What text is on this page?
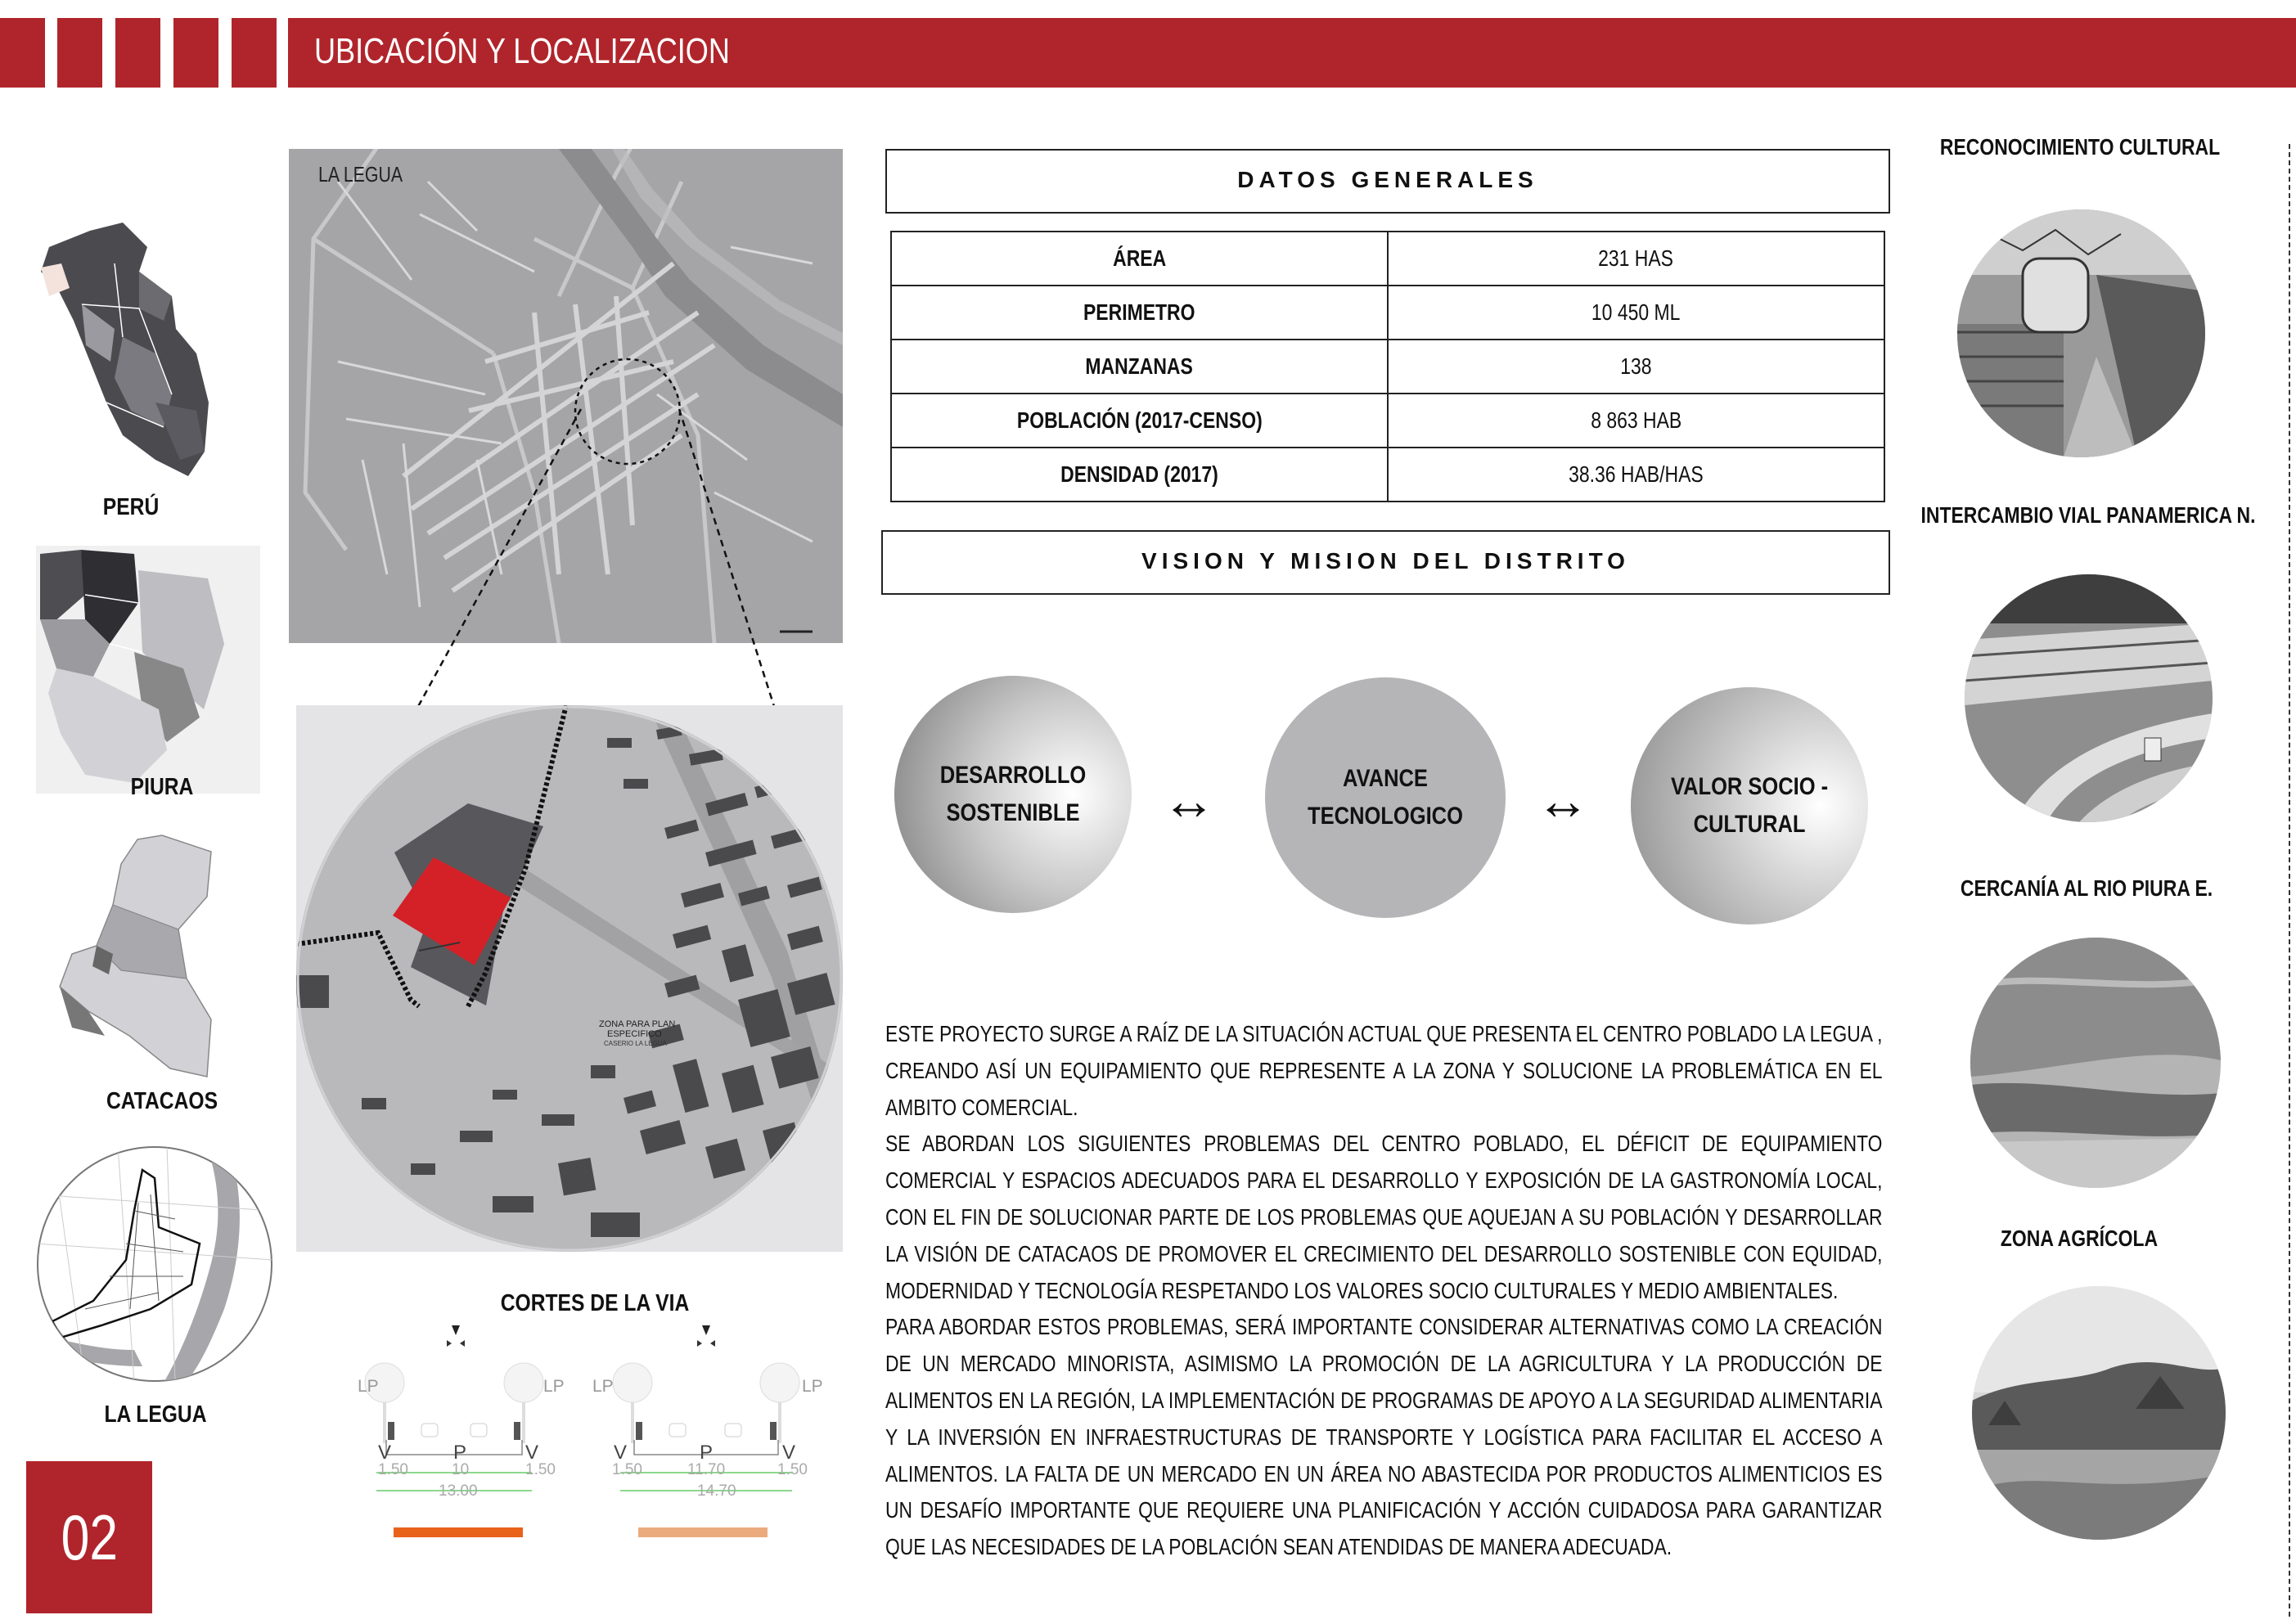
UBICACIÓN Y LOCALIZACION
PERÚ
PIURA
CATACAOS
LA LEGUA
LA LEGUA
ZONA PARA PLAN
ESPECIFICO
CASERIO LA LEGUA
CORTES DE LA VIA
LP	LP
V	P	V
1.50	10	1.50
13.00
LP	LP
V	P	V
1.50	11.70	1.50
14.70
DATOS GENERALES
ÁREA	231 HAS
PERIMETRO	10 450 ML
MANZANAS	138
POBLACIÓN (2017-CENSO)	8 863 HAB
DENSIDAD (2017)	38.36 HAB/HAS
VISION Y MISION DEL DISTRITO
DESARROLLO
SOSTENIBLE ↔	AVANCE TECNOLOGICO	↔	VALOR SOCIO -
CULTURAL

ESTE PROYECTO SURGE A RAÍZ DE LA SITUACIÓN ACTUAL QUE PRESENTA EL CENTRO POBLADO LA LEGUA , CREANDO ASÍ UN EQUIPAMIENTO QUE REPRESENTE A LA ZONA Y SOLUCIONE LA PROBLEMÁTICA EN EL AMBITO COMERCIAL.

SE ABORDAN LOS SIGUIENTES PROBLEMAS DEL CENTRO POBLADO, EL DÉFICIT DE EQUIPAMIENTO COMERCIAL Y ESPACIOS ADECUADOS PARA EL DESARROLLO Y EXPOSICIÓN DE LA GASTRONOMÍA LOCAL, CON EL FIN DE SOLUCIONAR PARTE DE LOS PROBLEMAS QUE AQUEJAN A SU POBLACIÓN Y DESARROLLAR LA VISIÓN DE CATACAOS DE PROMOVER EL CRECIMIENTO DEL DESARROLLO SOSTENIBLE CON EQUIDAD, MODERNIDAD Y TECNOLOGÍA RESPETANDO LOS VALORES SOCIO CULTURALES Y MEDIO AMBIENTALES.

PARA ABORDAR ESTOS PROBLEMAS, SERÁ IMPORTANTE CONSIDERAR ALTERNATIVAS COMO LA CREACIÓN DE UN MERCADO MINORISTA, ASIMISMO LA PROMOCIÓN DE LA AGRICULTURA Y LA PRODUCCIÓN DE ALIMENTOS EN LA REGIÓN, LA IMPLEMENTACIÓN DE PROGRAMAS DE APOYO A LA SEGURIDAD ALIMENTARIA Y LA INVERSIÓN EN INFRAESTRUCTURAS DE TRANSPORTE Y LOGÍSTICA PARA FACILITAR EL ACCESO A ALIMENTOS. LA FALTA DE UN MERCADO EN UN ÁREA NO ABASTECIDA POR PRODUCTOS ALIMENTICIOS ES UN DESAFÍO IMPORTANTE QUE REQUIERE UNA PLANIFICACIÓN Y ACCIÓN CUIDADOSA PARA GARANTIZAR QUE LAS NECESIDADES DE LA POBLACIÓN SEAN ATENDIDAS DE MANERA ADECUADA.

RECONOCIMIENTO CULTURAL
INTERCAMBIO VIAL PANAMERICA N.
CERCANÍA AL RIO PIURA E.
ZONA AGRÍCOLA
02
